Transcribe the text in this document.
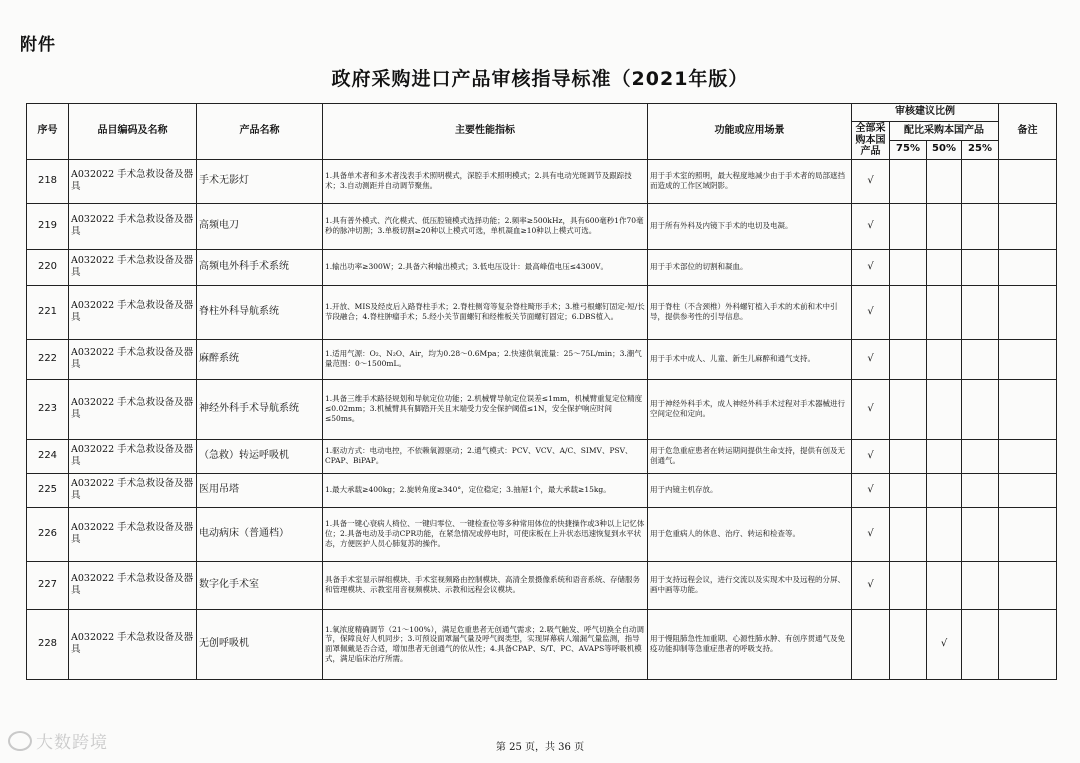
附件
政府采购进口产品审核指导标准（2021年版）
序号	品目编码及名称	产品名称	主要性能指标	功能或应用场景	审核建议比例				备注
					全部采购本国产品	配比采购本国产品			
						75%	50%	25%	
218	A032022 手术急救设备及器具	手术无影灯	1.具备单术者和多术者浅表手术照明模式，深腔手术照明模式；2.具有电动光斑调节及跟踪技术；3.自动测距并自动调节聚焦。	用于手术室的照明，最大程度地减少由于手术者的局部遮挡而造成的工作区域阴影。	√				
219	A032022 手术急救设备及器具	高频电刀	1.具有普外模式、汽化模式、低压腔镜模式选择功能；2.频率≥500kHz，具有600毫秒1作70毫秒的脉冲切割；3.单极切割≥20种以上模式可选，单机凝血≥10种以上模式可选。	用于所有外科及内镜下手术的电切及电凝。	√				
220	A032022 手术急救设备及器具	高频电外科手术系统	1.输出功率≥300W；2.具备六种输出模式；3.低电压设计：最高峰值电压≤4300V。	用于手术部位的切割和凝血。	√				
221	A032022 手术急救设备及器具	脊柱外科导航系统	1.开放、MIS及经皮后入路脊柱手术；2.脊柱侧弯等复杂脊柱畸形手术；3.椎弓根螺钉固定-短/长节段融合；4.脊柱肿瘤手术；5.经小关节面螺钉和经椎板关节面螺钉固定；6.DBS植入。	用于脊柱（不含颈椎）外科螺钉植入手术的术前和术中引导，提供参考性的引导信息。	√				
222	A032022 手术急救设备及器具	麻醉系统	1.适用气源：O₂、N₂O、Air，均为0.28～0.6Mpa；2.快速供氧流量：25～75L/min；3.潮气量范围：0～1500mL。	用于手术中成人、儿童、新生儿麻醉和通气支持。	√				
223	A032022 手术急救设备及器具	神经外科手术导航系统	1.具备三维手术路径规划和导航定位功能；2.机械臂导航定位误差≤1mm，机械臂重复定位精度≤0.02mm；3.机械臂具有脚踏开关且末端受力安全保护阈值≤1N，安全保护响应时间≤50ms。	用于神经外科手术，成人神经外科手术过程对手术器械进行空间定位和定向。	√				
224	A032022 手术急救设备及器具	（急救）转运呼吸机	1.驱动方式：电动电控，不依赖氧源驱动；2.通气模式：PCV、VCV、A/C、SIMV、PSV、CPAP、BiPAP。	用于危急重症患者在转运期间提供生命支持，提供有创及无创通气。	√				
225	A032022 手术急救设备及器具	医用吊塔	1.最大承载≥400kg；2.旋转角度≥340°，定位稳定；3.抽屉1个，最大承载≥15kg。	用于内镜主机存放。	√				
226	A032022 手术急救设备及器具	电动病床（普通档）	1.具备一键心衰病人椅位、一键归零位、一键检查位等多种常用体位的快捷操作或3种以上记忆体位；2.具备电动及手动CPR功能，在紧急情况或停电时，可使床板在上升状态迅速恢复到水平状态，方便医护人员心肺复苏的操作。	用于危重病人的休息、治疗、转运和检查等。	√				
227	A032022 手术急救设备及器具	数字化手术室	具备手术室显示屏组模块、手术室视频路由控制模块、高清全景摄像系统和语音系统、存储服务和管理模块、示教室用音视频模块、示教和远程会议模块。	用于支持远程会议，进行交流以及实现术中及远程的分屏、画中画等功能。	√				
228	A032022 手术急救设备及器具	无创呼吸机	1.氧浓度精确调节（21～100%），满足危重患者无创通气需求；2.吸气触发、呼气切换全自动调节，保障良好人机同步；3.可预设面罩漏气量及呼气阀类型，实现屏幕病人端漏气量监测，指导面罩佩戴是否合适，增加患者无创通气的依从性；4.具备CPAP、S/T、PC、AVAPS等呼吸机模式，满足临床治疗所需。	用于慢阻肺急性加重期、心源性肺水肿、有创序贯通气及免疫功能抑制等急重症患者的呼吸支持。			√		
大数跨境	第 25 页，共 36 页
